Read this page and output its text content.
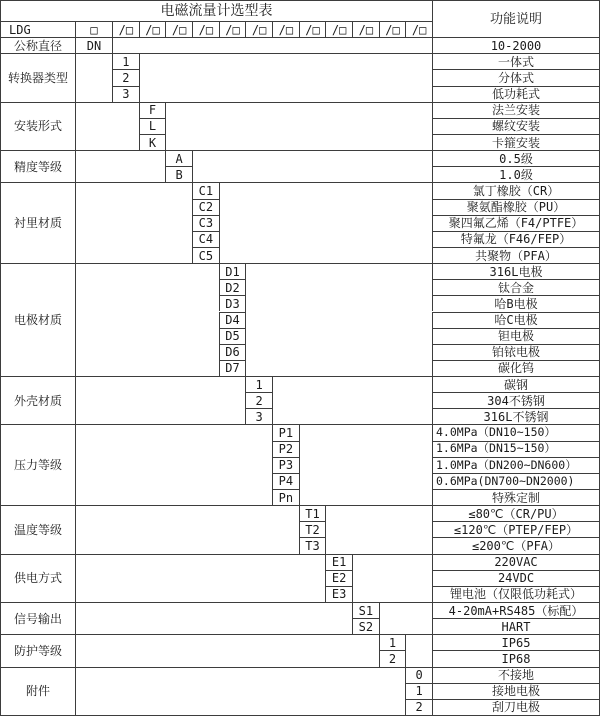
电磁流量计选型表
功能说明
LDG	□	/□	/□	/□	/□	/□	/□	/□	/□	/□	/□	/□	/□
公称直径	DN	10-2000
转换器类型
1	一体式
2	分体式
3	低功耗式
安装形式
F	法兰安装
L	螺纹安装
K	卡箍安装
精度等级
A	0.5级
B	1.0级
衬里材质
C1	氯丁橡胶（CR）
C2	聚氨酯橡胶（PU）
C3	聚四氟乙烯（F4/PTFE）
C4	特氟龙（F46/FEP）
C5	共聚物（PFA）
电极材质
D1	316L电极
D2	钛合金
D3	哈B电极
D4	哈C电极
D5	钽电极
D6	铂铱电极
D7	碳化钨
外壳材质
1	碳钢
2	304不锈钢
3	316L不锈钢
压力等级
P1	4.0MPa（DN10~150）
P2	1.6MPa（DN15~150）
P3	1.0MPa（DN200~DN600）
P4	0.6MPa(DN700~DN2000)
Pn	特殊定制
温度等级
T1	≤80℃（CR/PU）
T2	≤120℃（PTEP/FEP）
T3	≤200℃（PFA）
供电方式
E1	220VAC
E2	24VDC
E3	锂电池（仅限低功耗式）
信号输出
S1	4-20mA+RS485（标配）
S2	HART
防护等级
1	IP65
2	IP68
附件
0	不接地
1	接地电极
2	刮刀电极
